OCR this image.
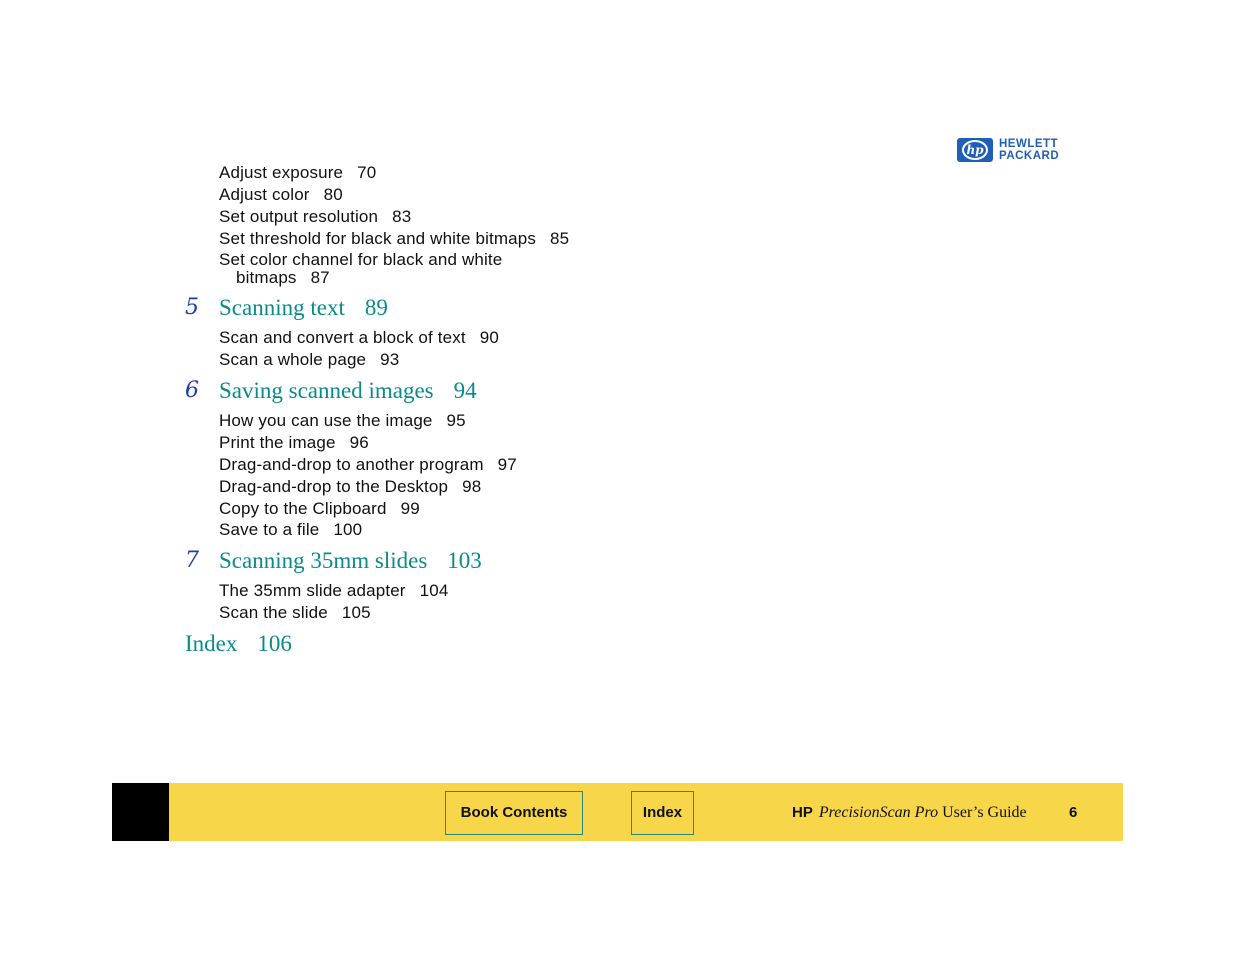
hp	HEWLETT
PACKARD
Adjust exposure 70
Adjust color 80
Set output resolution 83
Set threshold for black and white bitmaps 85
Set color channel for black and white
bitmaps 87
5 Scanning text 89
Scan and convert a block of text 90
Scan a whole page 93
6 Saving scanned images 94
How you can use the image 95
Print the image 96
Drag-and-drop to another program 97
Drag-and-drop to the Desktop 98
Copy to the Clipboard 99
Save to a file 100
7 Scanning 35mm slides 103
The 35mm slide adapter 104
Scan the slide 105
Index 106
Book Contents	Index	HP PrecisionScan Pro User’s Guide	6
